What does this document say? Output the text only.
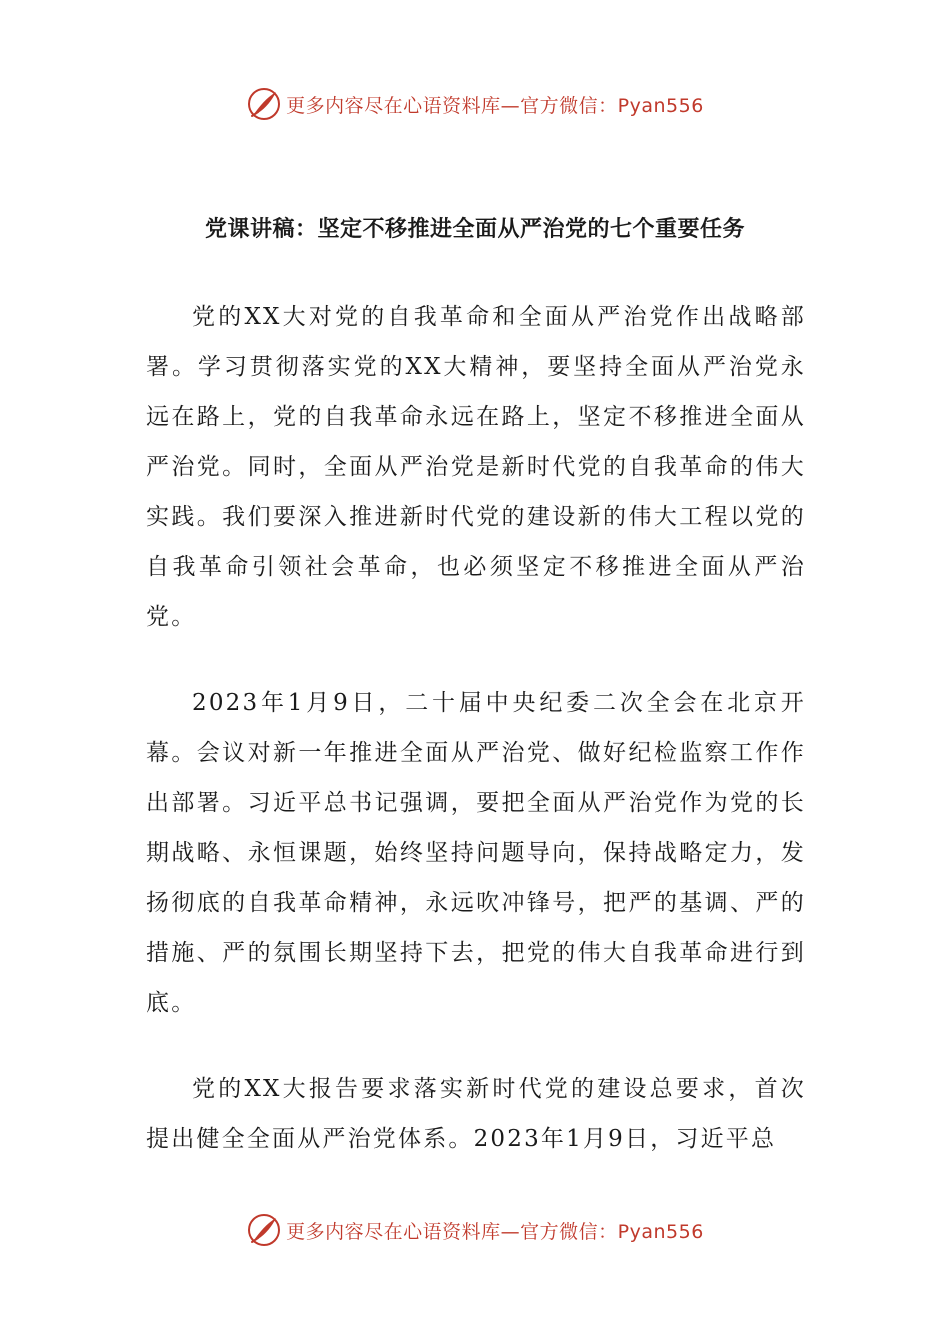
更多内容尽在心语资料库—官方微信：Pyan556
党课讲稿：坚定不移推进全面从严治党的七个重要任务

党的XX大对党的自我革命和全面从严治党作出战略部署。学习贯彻落实党的XX大精神，要坚持全面从严治党永远在路上，党的自我革命永远在路上，坚定不移推进全面从严治党。同时，全面从严治党是新时代党的自我革命的伟大实践。我们要深入推进新时代党的建设新的伟大工程以党的自我革命引领社会革命，也必须坚定不移推进全面从严治党。

2023年1月9日，二十届中央纪委二次全会在北京开幕。会议对新一年推进全面从严治党、做好纪检监察工作作出部署。习近平总书记强调，要把全面从严治党作为党的长期战略、永恒课题，始终坚持问题导向，保持战略定力，发扬彻底的自我革命精神，永远吹冲锋号，把严的基调、严的措施、严的氛围长期坚持下去，把党的伟大自我革命进行到底。

党的XX大报告要求落实新时代党的建设总要求，首次提出健全全面从严治党体系。2023年1月9日，习近平总

更多内容尽在心语资料库—官方微信：Pyan556
